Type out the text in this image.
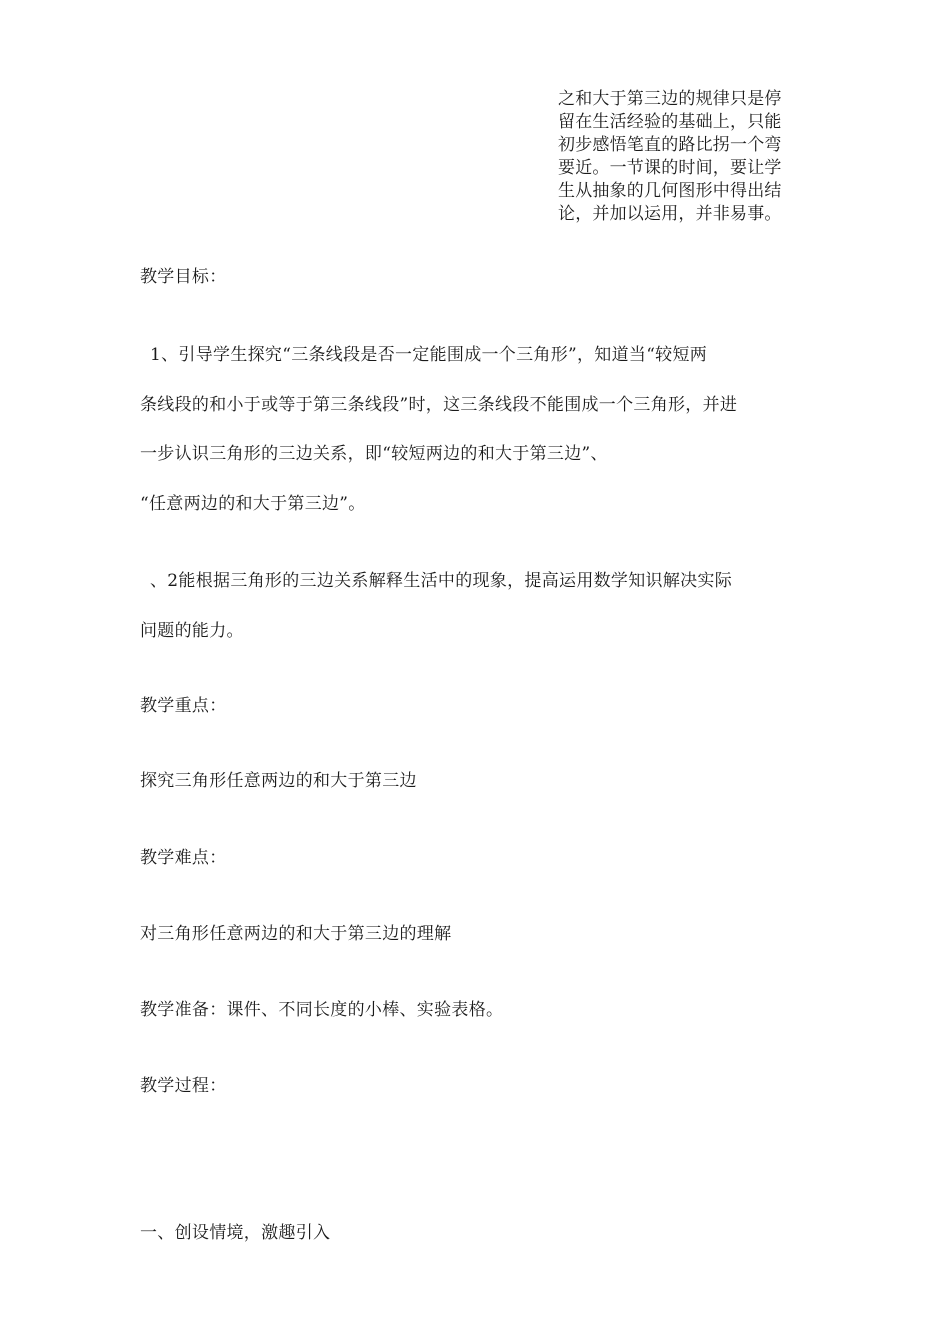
之和大于第三边的规律只是停
留在生活经验的基础上，只能
初步感悟笔直的路比拐一个弯
要近。一节课的时间，要让学
生从抽象的几何图形中得出结
论，并加以运用，并非易事。
教学目标：
1、引导学生探究“三条线段是否一定能围成一个三角形”，知道当“较短两
条线段的和小于或等于第三条线段”时，这三条线段不能围成一个三角形，并进
一步认识三角形的三边关系，即“较短两边的和大于第三边”、
“任意两边的和大于第三边”。
、2能根据三角形的三边关系解释生活中的现象，提高运用数学知识解决实际
问题的能力。
教学重点：
探究三角形任意两边的和大于第三边
教学难点：
对三角形任意两边的和大于第三边的理解
教学准备：课件、不同长度的小棒、实验表格。
教学过程：
一、创设情境，激趣引入
